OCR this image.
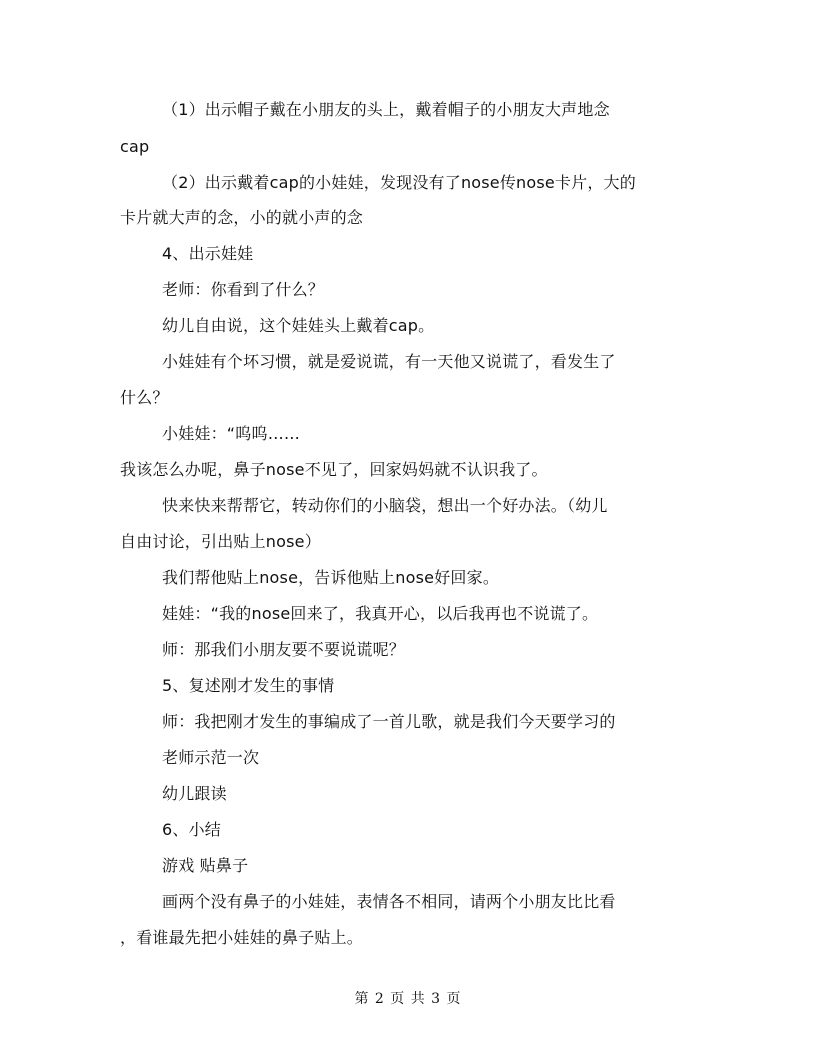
（1）出示帽子戴在小朋友的头上，戴着帽子的小朋友大声地念
cap
（2）出示戴着cap的小娃娃，发现没有了nose传nose卡片，大的
卡片就大声的念，小的就小声的念
4、出示娃娃
老师：你看到了什么？
幼儿自由说，这个娃娃头上戴着cap。
小娃娃有个坏习惯，就是爱说谎，有一天他又说谎了，看发生了
什么？
小娃娃：“呜呜……
我该怎么办呢，鼻子nose不见了，回家妈妈就不认识我了。
快来快来帮帮它，转动你们的小脑袋，想出一个好办法。（幼儿
自由讨论，引出贴上nose）
我们帮他贴上nose，告诉他贴上nose好回家。
娃娃：“我的nose回来了，我真开心，以后我再也不说谎了。
师：那我们小朋友要不要说谎呢？
5、复述刚才发生的事情
师：我把刚才发生的事编成了一首儿歌，就是我们今天要学习的
老师示范一次
幼儿跟读
6、小结
游戏 贴鼻子
画两个没有鼻子的小娃娃，表情各不相同，请两个小朋友比比看
，看谁最先把小娃娃的鼻子贴上。
第 2 页 共 3 页
